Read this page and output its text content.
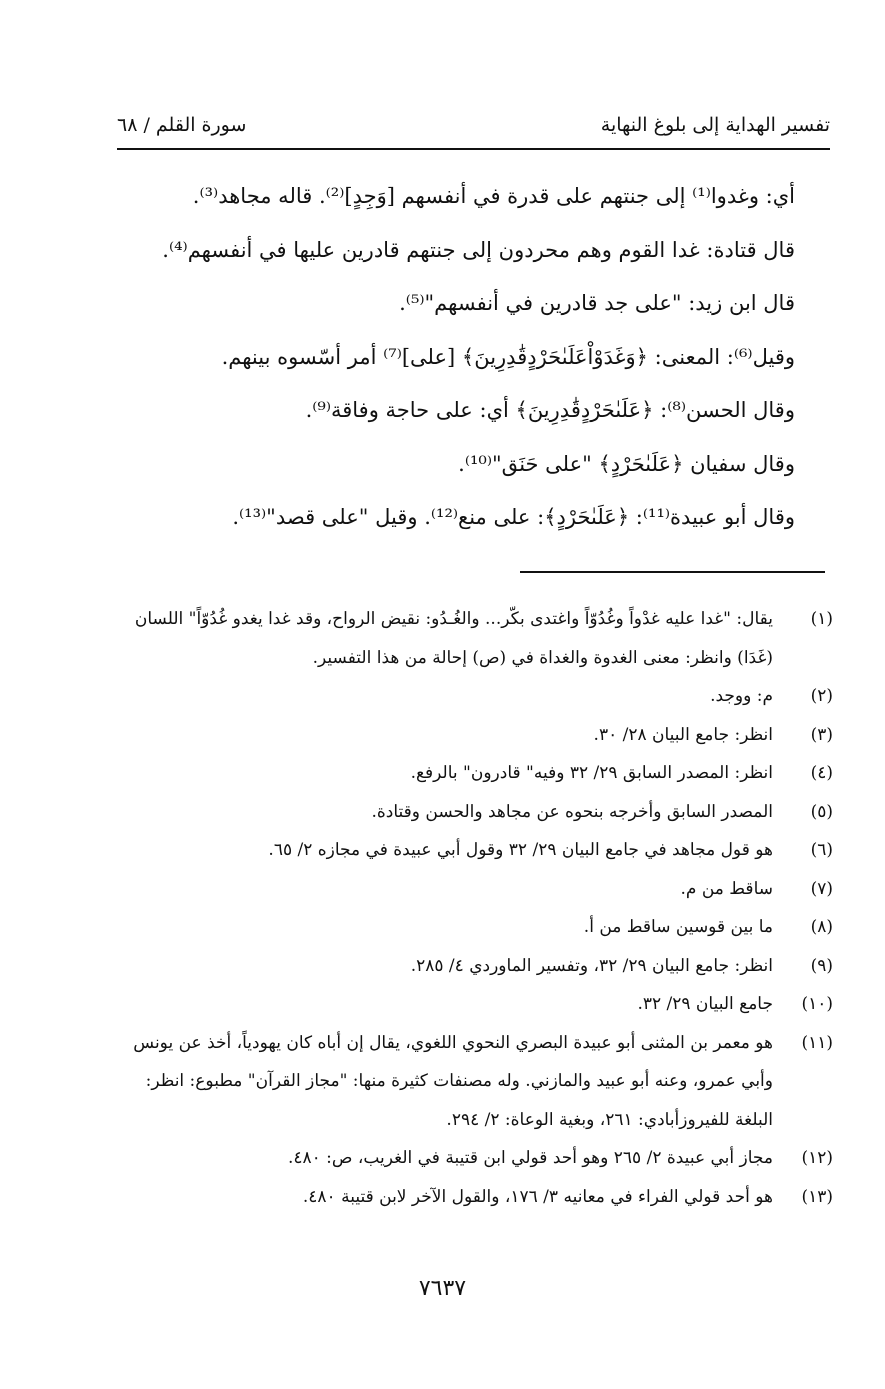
تفسير الهداية إلى بلوغ النهاية
سورة القلم / ٦٨
أي: وغدوا⁽¹⁾ إلى جنتهم على قدرة في أنفسهم [وَجِدٍ]⁽²⁾. قاله مجاهد⁽³⁾.
قال قتادة: غدا القوم وهم محردون إلى جنتهم قادرين عليها في أنفسهم⁽⁴⁾.
قال ابن زيد: "على جد قادرين في أنفسهم"⁽⁵⁾.
وقيل⁽⁶⁾: المعنى: ﴿وَغَدَوْاْعَلَىٰحَرْدٍقَٰدِرِينَ﴾ [على]⁽⁷⁾ أمر أسّسوه بينهم.
وقال الحسن⁽⁸⁾: ﴿عَلَىٰحَرْدٍقَٰدِرِينَ﴾ أي: على حاجة وفاقة⁽⁹⁾.
وقال سفيان ﴿عَلَىٰحَرْدٍ﴾ "على حَنَق"⁽¹⁰⁾.
وقال أبو عبيدة⁽¹¹⁾: ﴿عَلَىٰحَرْدٍ﴾: على منع⁽¹²⁾. وقيل "على قصد"⁽¹³⁾.
(١)
يقال: "غدا عليه غدْواً وغُدُوّاً واغتدى بكّر... والغُـدُو: نقيض الرواح، وقد غدا يغدو غُدُوّاً" اللسان (غَدَا) وانظر: معنى الغدوة والغداة في (ص) إحالة من هذا التفسير.
(٢)
م: ووجد.
(٣)
انظر: جامع البيان ٢٨/ ٣٠.
(٤)
انظر: المصدر السابق ٢٩/ ٣٢ وفيه" قادرون" بالرفع.
(٥)
المصدر السابق وأخرجه بنحوه عن مجاهد والحسن وقتادة.
(٦)
هو قول مجاهد في جامع البيان ٢٩/ ٣٢ وقول أبي عبيدة في مجازه ٢/ ٦٥.
(٧)
ساقط من م.
(٨)
ما بين قوسين ساقط من أ.
(٩)
انظر: جامع البيان ٢٩/ ٣٢، وتفسير الماوردي ٤/ ٢٨٥.
(١٠)
جامع البيان ٢٩/ ٣٢.
(١١)
هو معمر بن المثنى أبو عبيدة البصري النحوي اللغوي، يقال إن أباه كان يهودياً، أخذ عن يونس وأبي عمرو، وعنه أبو عبيد والمازني. وله مصنفات كثيرة منها: "مجاز القرآن" مطبوع: انظر: البلغة للفيروزأبادي: ٢٦١، وبغية الوعاة: ٢/ ٢٩٤.
(١٢)
مجاز أبي عبيدة ٢/ ٢٦٥ وهو أحد قولي ابن قتيبة في الغريب، ص: ٤٨٠.
(١٣)
هو أحد قولي الفراء في معانيه ٣/ ١٧٦، والقول الآخر لابن قتيبة ٤٨٠.
٧٦٣٧
